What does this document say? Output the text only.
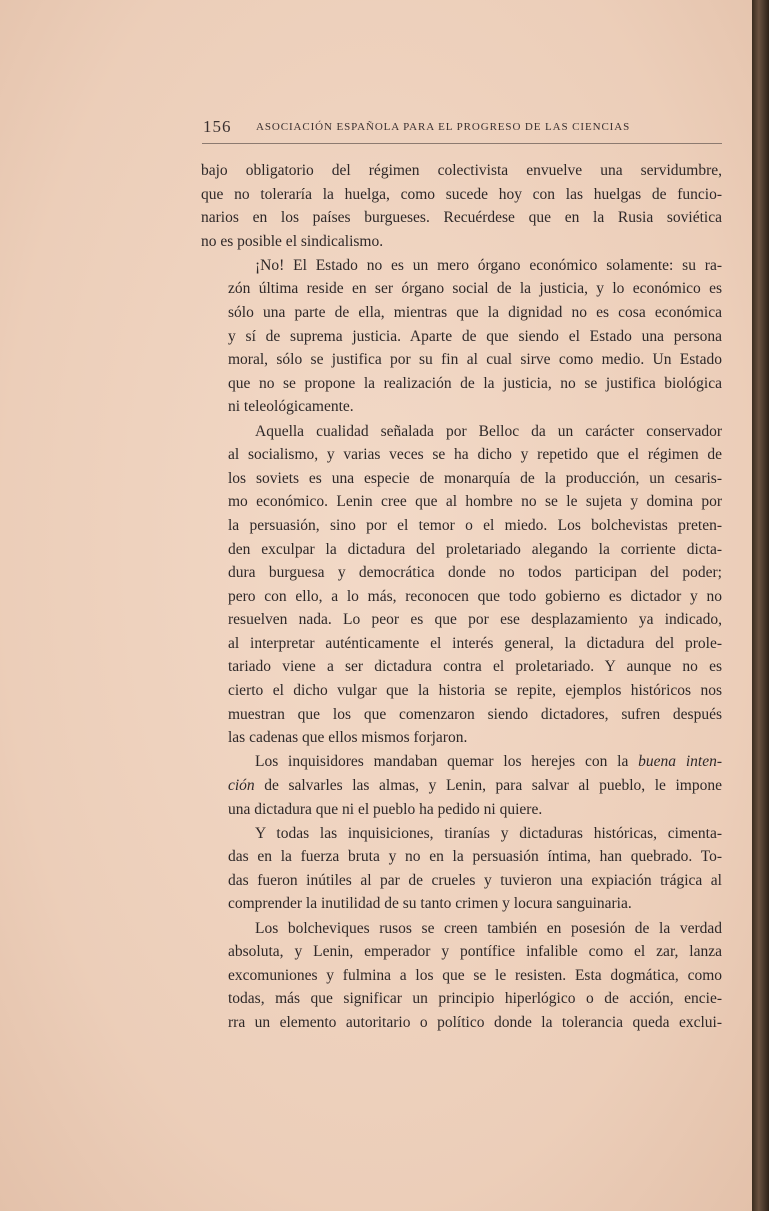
156 ASOCIACIÓN ESPAÑOLA PARA EL PROGRESO DE LAS CIENCIAS

bajo obligatorio del régimen colectivista envuelve una servidumbre,
que no toleraría la huelga, como sucede hoy con las huelgas de funcio-
narios en los países burgueses. Recuérdese que en la Rusia soviética
no es posible el sindicalismo.

¡No! El Estado no es un mero órgano económico solamente: su ra-
zón última reside en ser órgano social de la justicia, y lo económico es
sólo una parte de ella, mientras que la dignidad no es cosa económica
y sí de suprema justicia. Aparte de que siendo el Estado una persona
moral, sólo se justifica por su fin al cual sirve como medio. Un Estado
que no se propone la realización de la justicia, no se justifica biológica
ni teleológicamente.

Aquella cualidad señalada por Belloc da un carácter conservador
al socialismo, y varias veces se ha dicho y repetido que el régimen de
los soviets es una especie de monarquía de la producción, un cesaris-
mo económico. Lenin cree que al hombre no se le sujeta y domina por
la persuasión, sino por el temor o el miedo. Los bolchevistas preten-
den exculpar la dictadura del proletariado alegando la corriente dicta-
dura burguesa y democrática donde no todos participan del poder;
pero con ello, a lo más, reconocen que todo gobierno es dictador y no
resuelven nada. Lo peor es que por ese desplazamiento ya indicado,
al interpretar auténticamente el interés general, la dictadura del prole-
tariado viene a ser dictadura contra el proletariado. Y aunque no es
cierto el dicho vulgar que la historia se repite, ejemplos históricos nos
muestran que los que comenzaron siendo dictadores, sufren después
las cadenas que ellos mismos forjaron.

Los inquisidores mandaban quemar los herejes con la buena inten-
ción de salvarles las almas, y Lenin, para salvar al pueblo, le impone
una dictadura que ni el pueblo ha pedido ni quiere.

Y todas las inquisiciones, tiranías y dictaduras históricas, cimenta-
das en la fuerza bruta y no en la persuasión íntima, han quebrado. To-
das fueron inútiles al par de crueles y tuvieron una expiación trágica al
comprender la inutilidad de su tanto crimen y locura sanguinaria.

Los bolcheviques rusos se creen también en posesión de la verdad
absoluta, y Lenin, emperador y pontífice infalible como el zar, lanza
excomuniones y fulmina a los que se le resisten. Esta dogmática, como
todas, más que significar un principio hiperlógico o de acción, encie-
rra un elemento autoritario o político donde la tolerancia queda exclui-
